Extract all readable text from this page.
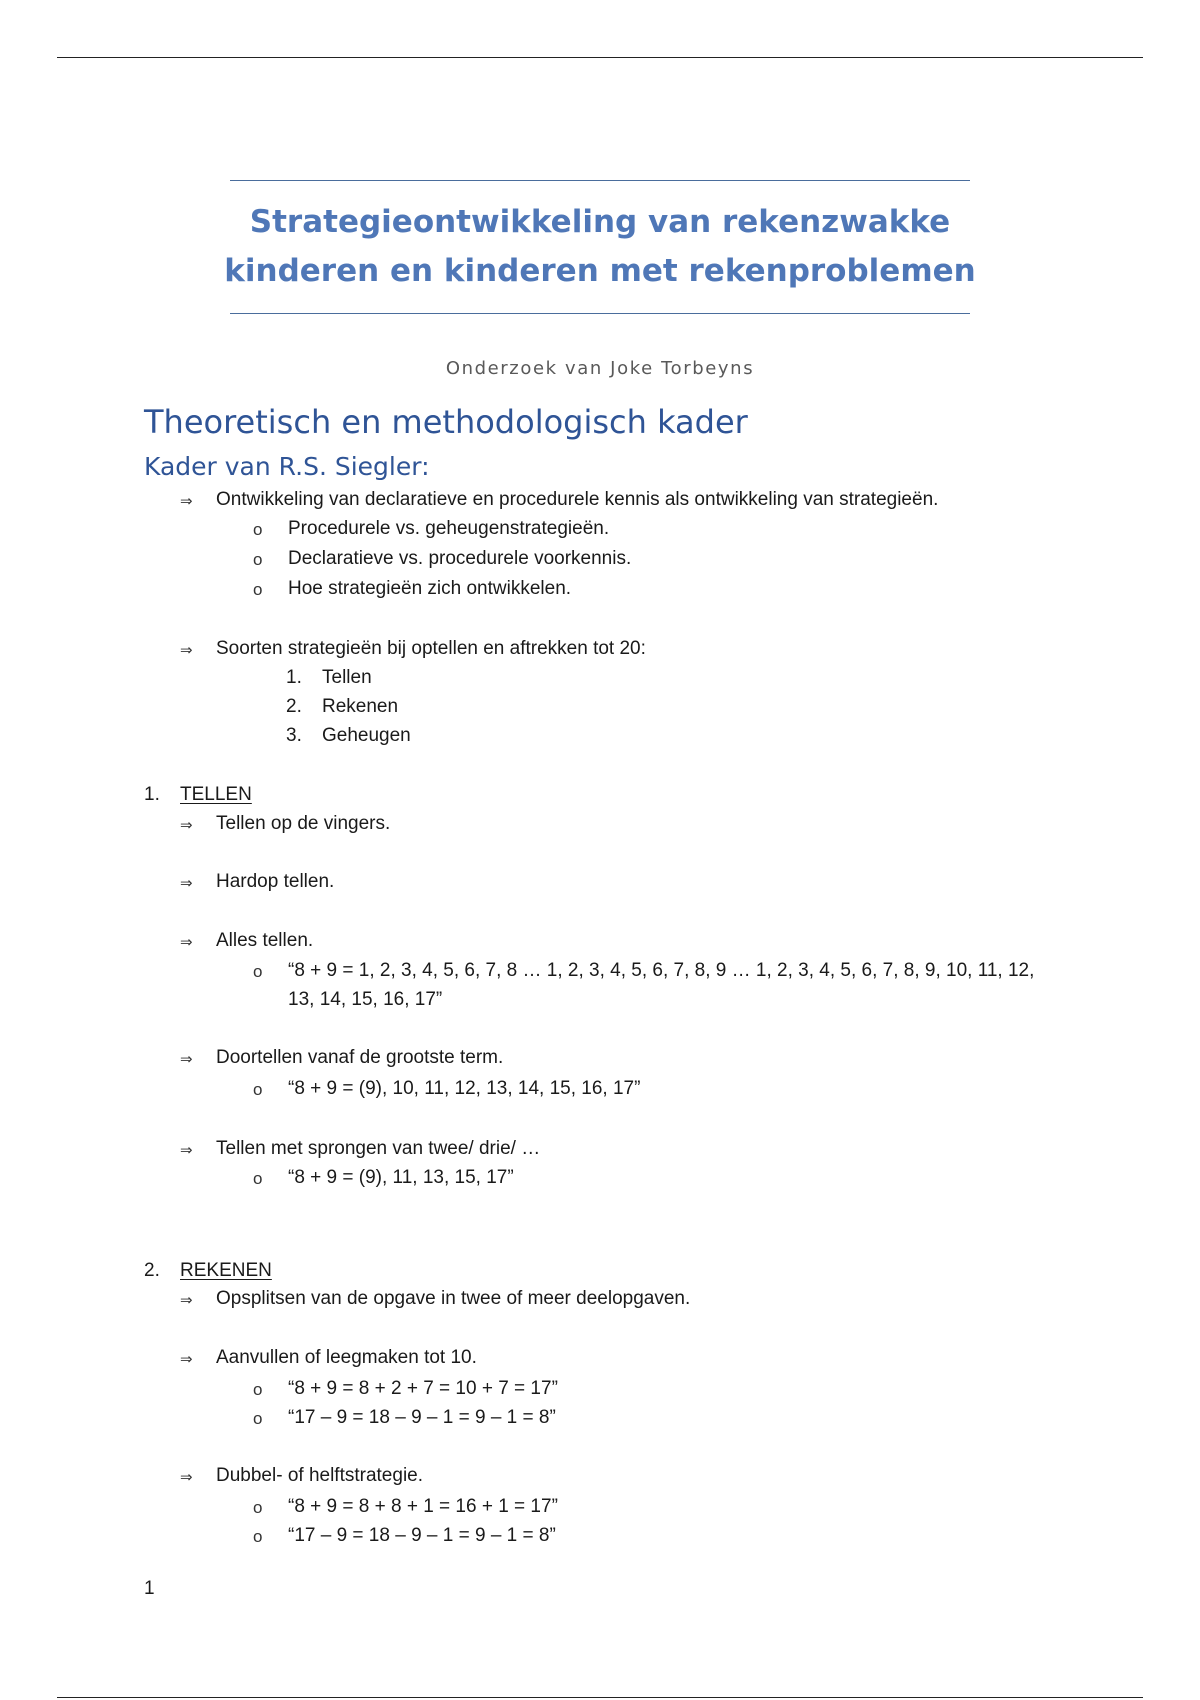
Strategieontwikkeling van rekenzwakke
kinderen en kinderen met rekenproblemen
Onderzoek van Joke Torbeyns
Theoretisch en methodologisch kader
Kader van R.S. Siegler:
⇒ Ontwikkeling van declaratieve en procedurele kennis als ontwikkeling van strategieën.
o Procedurele vs. geheugenstrategieën.
o Declaratieve vs. procedurele voorkennis.
o Hoe strategieën zich ontwikkelen.
⇒ Soorten strategieën bij optellen en aftrekken tot 20:
1. Tellen
2. Rekenen
3. Geheugen
1. TELLEN
⇒ Tellen op de vingers.
⇒ Hardop tellen.
⇒ Alles tellen.
o “8 + 9 = 1, 2, 3, 4, 5, 6, 7, 8 … 1, 2, 3, 4, 5, 6, 7, 8, 9 … 1, 2, 3, 4, 5, 6, 7, 8, 9, 10, 11, 12,
13, 14, 15, 16, 17”
⇒ Doortellen vanaf de grootste term.
o “8 + 9 = (9), 10, 11, 12, 13, 14, 15, 16, 17”
⇒ Tellen met sprongen van twee/ drie/ …
o “8 + 9 = (9), 11, 13, 15, 17”
2. REKENEN
⇒ Opsplitsen van de opgave in twee of meer deelopgaven.
⇒ Aanvullen of leegmaken tot 10.
o “8 + 9 = 8 + 2 + 7 = 10 + 7 = 17”
o “17 – 9 = 18 – 9 – 1 = 9 – 1 = 8”
⇒ Dubbel- of helftstrategie.
o “8 + 9 = 8 + 8 + 1 = 16 + 1 = 17”
o “17 – 9 = 18 – 9 – 1 = 9 – 1 = 8”
1
